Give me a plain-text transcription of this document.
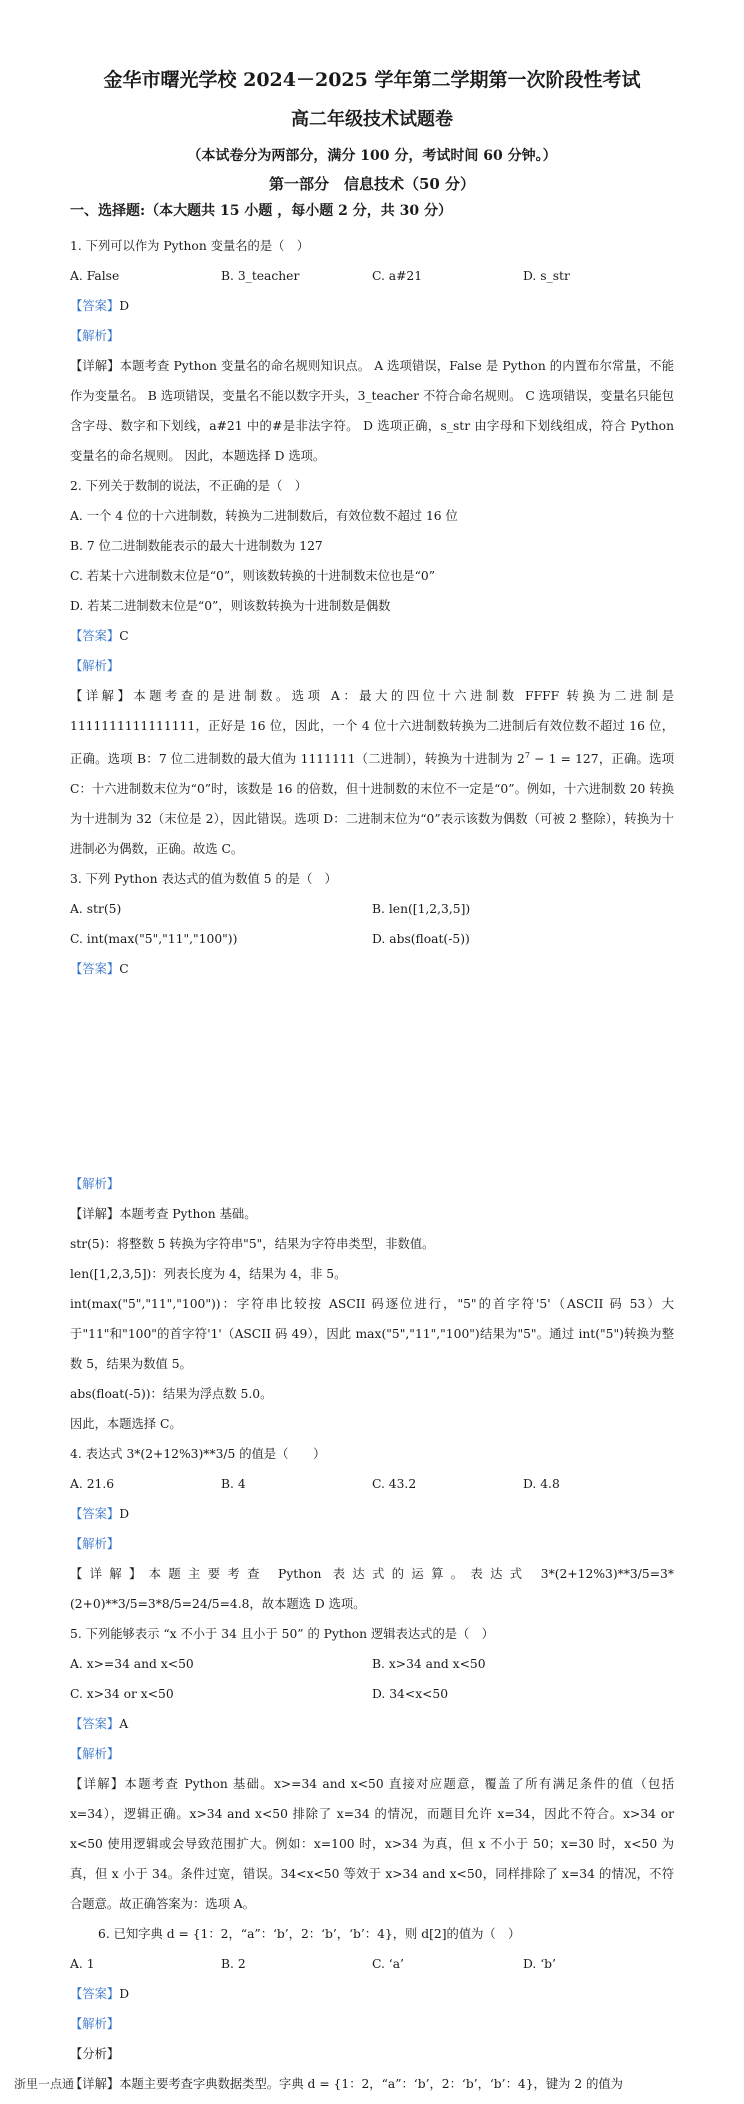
金华市曙光学校 2024－2025 学年第二学期第一次阶段性考试
高二年级技术试题卷
（本试卷分为两部分，满分 100 分，考试时间 60 分钟。）
第一部分　信息技术（50 分）
一、选择题:（本大题共 15 小题 ，每小题 2 分，共 30 分）
1. 下列可以作为 Python 变量名的是（　）
A. False	B. 3_teacher	C. a#21	D. s_str
【答案】D
【解析】
【详解】本题考查 Python 变量名的命名规则知识点。 A 选项错误，False 是 Python 的内置布尔常量，不能作为变量名。 B 选项错误，变量名不能以数字开头，3_teacher 不符合命名规则。 C 选项错误，变量名只能包含字母、数字和下划线，a#21 中的#是非法字符。 D 选项正确，s_str 由字母和下划线组成，符合 Python 变量名的命名规则。 因此，本题选择 D 选项。
2. 下列关于数制的说法，不正确的是（　）
A. 一个 4 位的十六进制数，转换为二进制数后，有效位数不超过 16 位
B. 7 位二进制数能表示的最大十进制数为 127
C. 若某十六进制数末位是“0”，则该数转换的十进制数末位也是“0”
D. 若某二进制数末位是“0”，则该数转换为十进制数是偶数
【答案】C
【解析】
【详解】本题考查的是进制数。选项 A：最大的四位十六进制数 FFFF 转换为二进制是 1111111111111111，正好是 16 位，因此，一个 4 位十六进制数转换为二进制后有效位数不超过 16 位，正确。选项 B：7 位二进制数的最大值为 1111111（二进制），转换为十进制为 $2^7 - 1 = 127$，正确。选项 C：十六进制数末位为“0”时，该数是 16 的倍数，但十进制数的末位不一定是“0”。例如，十六进制数 20 转换为十进制为 32（末位是 2），因此错误。选项 D：二进制末位为“0”表示该数为偶数（可被 2 整除），转换为十进制必为偶数，正确。故选 C。
3. 下列 Python 表达式的值为数值 5 的是（　）
A. str(5)	B. len([1,2,3,5])
C. int(max("5","11","100"))	D. abs(float(-5))
【答案】C
【解析】
【详解】本题考查 Python 基础。
str(5)：将整数 5 转换为字符串"5"，结果为字符串类型，非数值。
len([1,2,3,5])：列表长度为 4，结果为 4，非 5。
int(max("5","11","100"))：字符串比较按 ASCII 码逐位进行，"5"的首字符'5'（ASCII 码 53）大于"11"和"100"的首字符'1'（ASCII 码 49），因此 max("5","11","100")结果为"5"。通过 int("5")转换为整数 5，结果为数值 5。
abs(float(-5))：结果为浮点数 5.0。
因此，本题选择 C。
4. 表达式 3*(2+12%3)**3/5 的值是（　　）
A. 21.6	B. 4	C. 43.2	D. 4.8
【答案】D
【解析】
【详解】本题主要考查 Python 表达式的运算。表达式 3*(2+12%3)**3/5=3*(2+0)**3/5=3*8/5=24/5=4.8，故本题选 D 选项。
5. 下列能够表示 “x 不小于 34 且小于 50” 的 Python 逻辑表达式的是（　）
A. x>=34 and x<50	B. x>34 and x<50
C. x>34 or x<50	D. 34<x<50
【答案】A
【解析】
【详解】本题考查 Python 基础。x>=34 and x<50 直接对应题意，覆盖了所有满足条件的值（包括 x=34），逻辑正确。x>34 and x<50 排除了 x=34 的情况，而题目允许 x=34，因此不符合。x>34 or x<50 使用逻辑或会导致范围扩大。例如：x=100 时，x>34 为真，但 x 不小于 50；x=30 时，x<50 为真，但 x 小于 34。条件过宽，错误。34<x<50 等效于 x>34 and x<50，同样排除了 x=34 的情况，不符合题意。故正确答案为：选项 A。
6. 已知字典 d = {1：2，“a”：‘b’，2：‘b’，‘b’：4}，则 d[2]的值为（　）
A. 1	B. 2	C. ‘a’	D. ‘b’
【答案】D
【解析】
【分析】
【详解】本题主要考查字典数据类型。字典 d = {1：2，“a”：‘b’，2：‘b’，‘b’：4}，键为 2 的值为
浙里一点通
